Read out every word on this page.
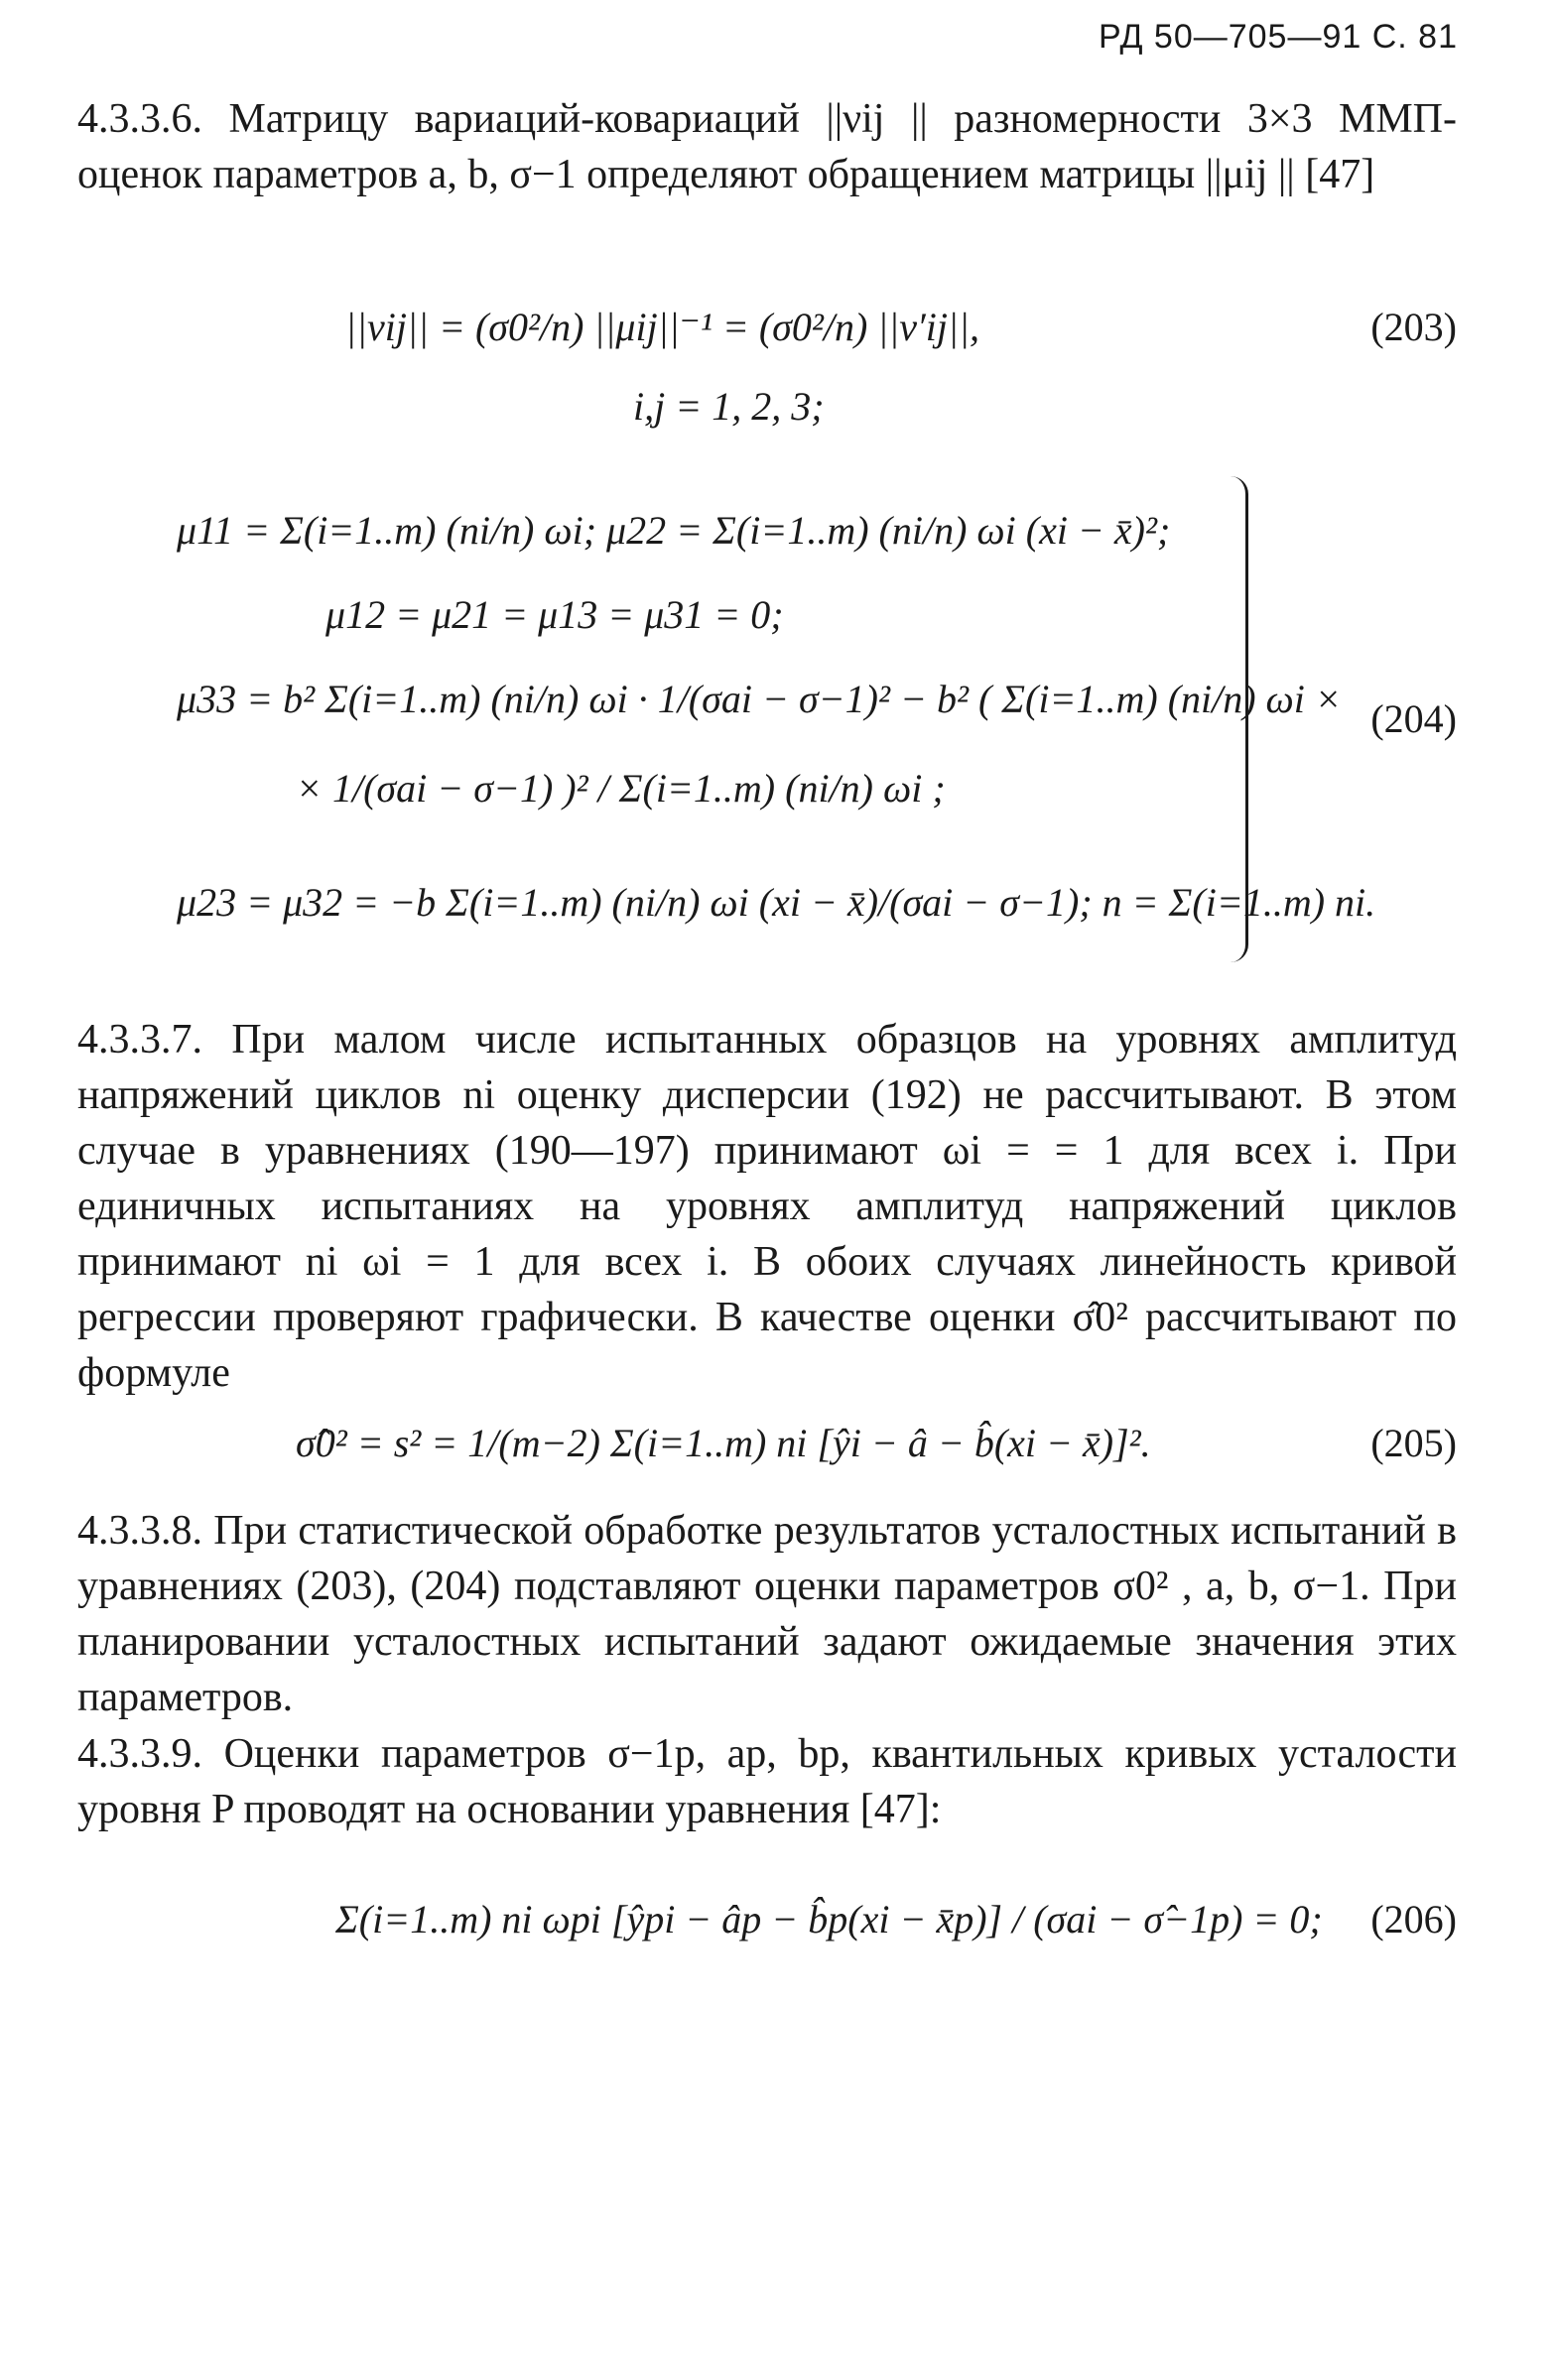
РД 50—705—91 С. 81
4.3.3.6. Матрицу вариаций-ковариаций ||νij || разномерности 3×3 ММП-оценок параметров a, b, σ−1 определяют обращением матрицы ||μij || [47]
||νij|| = (σ0²/n) ||μij||⁻¹ = (σ0²/n) ||ν′ij||,
i,j = 1, 2, 3;
(203)
μ11 = Σ(i=1..m) (ni/n) ωi; μ22 = Σ(i=1..m) (ni/n) ωi (xi − x̄)²;
μ12 = μ21 = μ13 = μ31 = 0;
μ33 = b² Σ(i=1..m) (ni/n) ωi · 1/(σai − σ−1)² − b² ( Σ(i=1..m) (ni/n) ωi ×
× 1/(σai − σ−1) )² / Σ(i=1..m) (ni/n) ωi ;
μ23 = μ32 = −b Σ(i=1..m) (ni/n) ωi (xi − x̄)/(σai − σ−1); n = Σ(i=1..m) ni.
(204)
4.3.3.7. При малом числе испытанных образцов на уровнях амплитуд напряжений циклов ni оценку дисперсии (192) не рассчитывают. В этом случае в уравнениях (190—197) принимают ωi = = 1 для всех i. При единичных испытаниях на уровнях амплитуд напряжений циклов принимают ni ωi = 1 для всех i. В обоих случаях линейность кривой регрессии проверяют графически. В качестве оценки σ̂0² рассчитывают по формуле
σ̂0² = s² = 1/(m−2) Σ(i=1..m) ni [ŷi − â − b̂(xi − x̄)]².	(205)
4.3.3.8. При статистической обработке результатов усталостных испытаний в уравнениях (203), (204) подставляют оценки параметров σ0² , a, b, σ−1. При планировании усталостных испытаний задают ожидаемые значения этих параметров.
4.3.3.9. Оценки параметров σ−1p, ap, bp, квантильных кривых усталости уровня P проводят на основании уравнения [47]:
Σ(i=1..m) ni ωpi [ŷpi − âp − b̂p(xi − x̄p)] / (σai − σ̂−1p) = 0; (206)
